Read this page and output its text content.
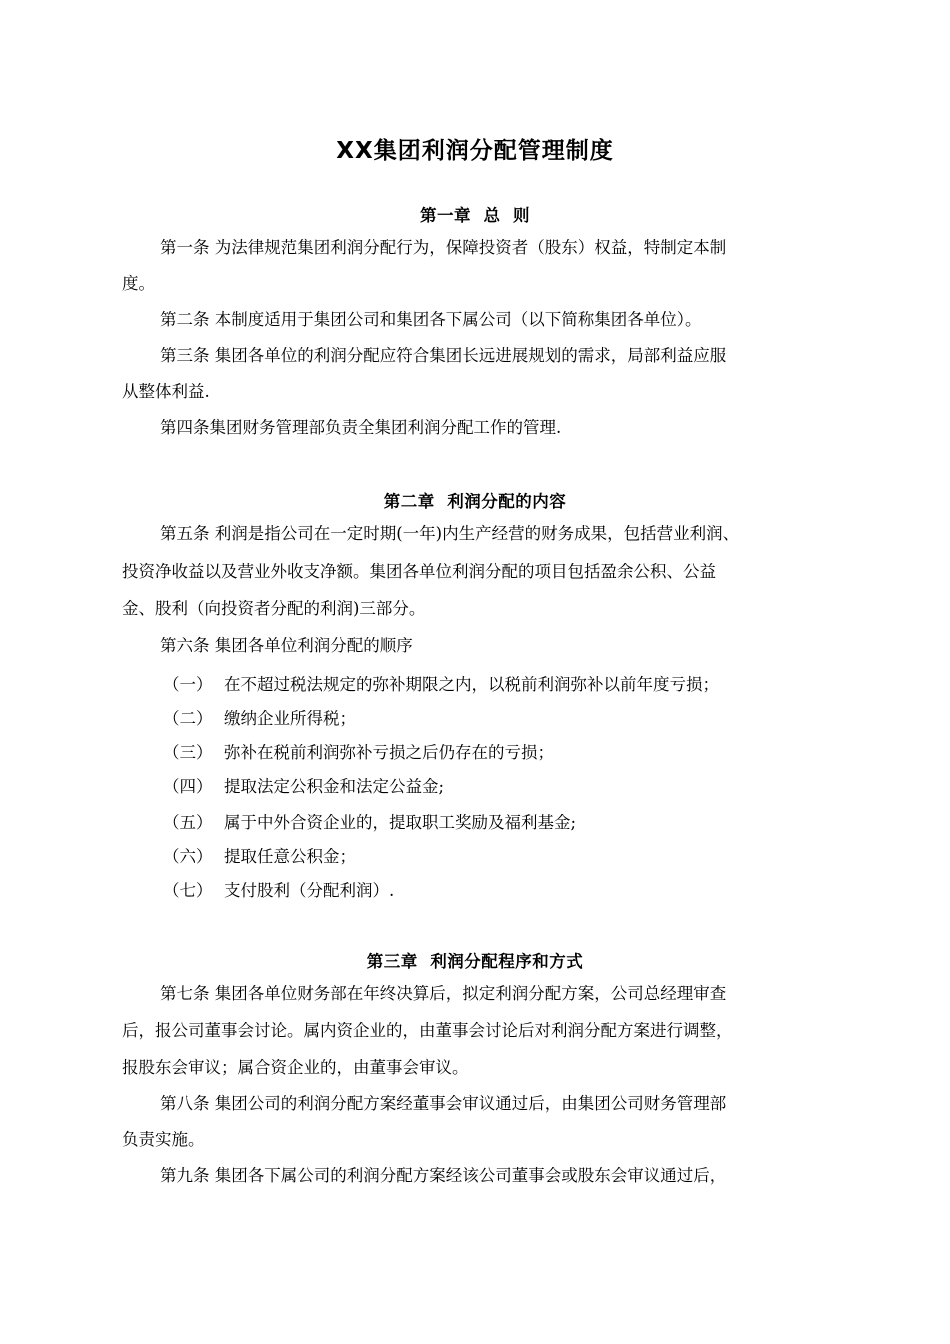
XX集团利润分配管理制度
第一章  总  则
第一条 为法律规范集团利润分配行为，保障投资者（股东）权益，特制定本制
度。
第二条 本制度适用于集团公司和集团各下属公司（以下简称集团各单位）。
第三条 集团各单位的利润分配应符合集团长远进展规划的需求，局部利益应服
从整体利益.
第四条集团财务管理部负责全集团利润分配工作的管理.
第二章  利润分配的内容
第五条 利润是指公司在一定时期(一年)内生产经营的财务成果，包括营业利润、
投资净收益以及营业外收支净额。集团各单位利润分配的项目包括盈余公积、公益
金、股利（向投资者分配的利润)三部分。
第六条 集团各单位利润分配的顺序
（一） 在不超过税法规定的弥补期限之内，以税前利润弥补以前年度亏损；
（二） 缴纳企业所得税；
（三） 弥补在税前利润弥补亏损之后仍存在的亏损；
（四） 提取法定公积金和法定公益金;
（五） 属于中外合资企业的，提取职工奖励及福利基金;
（六） 提取任意公积金；
（七） 支付股利（分配利润）.
第三章  利润分配程序和方式
第七条 集团各单位财务部在年终决算后，拟定利润分配方案，公司总经理审查
后，报公司董事会讨论。属内资企业的，由董事会讨论后对利润分配方案进行调整，
报股东会审议；属合资企业的，由董事会审议。
第八条 集团公司的利润分配方案经董事会审议通过后，由集团公司财务管理部
负责实施。
第九条 集团各下属公司的利润分配方案经该公司董事会或股东会审议通过后，
